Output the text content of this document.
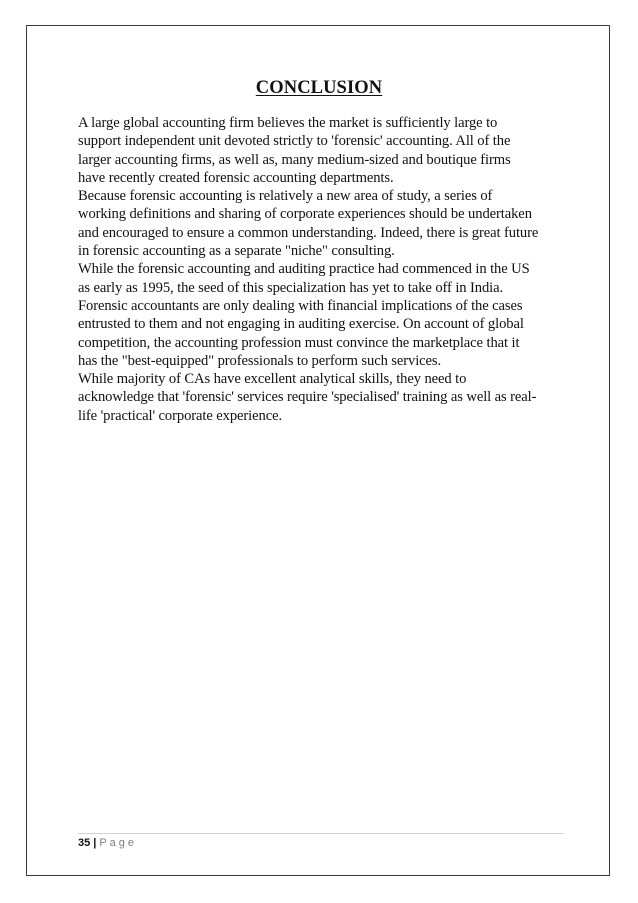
CONCLUSION
A large global accounting firm believes the market is sufficiently large to
support independent unit devoted strictly to 'forensic' accounting. All of the
larger accounting firms, as well as, many medium-sized and boutique firms
have recently created forensic accounting departments.
Because forensic accounting is relatively a new area of study, a series of
working definitions and sharing of corporate experiences should be undertaken
and encouraged to ensure a common understanding. Indeed, there is great future
in forensic accounting as a separate "niche" consulting.
While the forensic accounting and auditing practice had commenced in the US
as early as 1995, the seed of this specialization has yet to take off in India.
Forensic accountants are only dealing with financial implications of the cases
entrusted to them and not engaging in auditing exercise. On account of global
competition, the accounting profession must convince the marketplace that it
has the "best-equipped" professionals to perform such services.
While majority of CAs have excellent analytical skills, they need to
acknowledge that 'forensic' services require 'specialised' training as well as real-
life 'practical' corporate experience.
35 | Page
